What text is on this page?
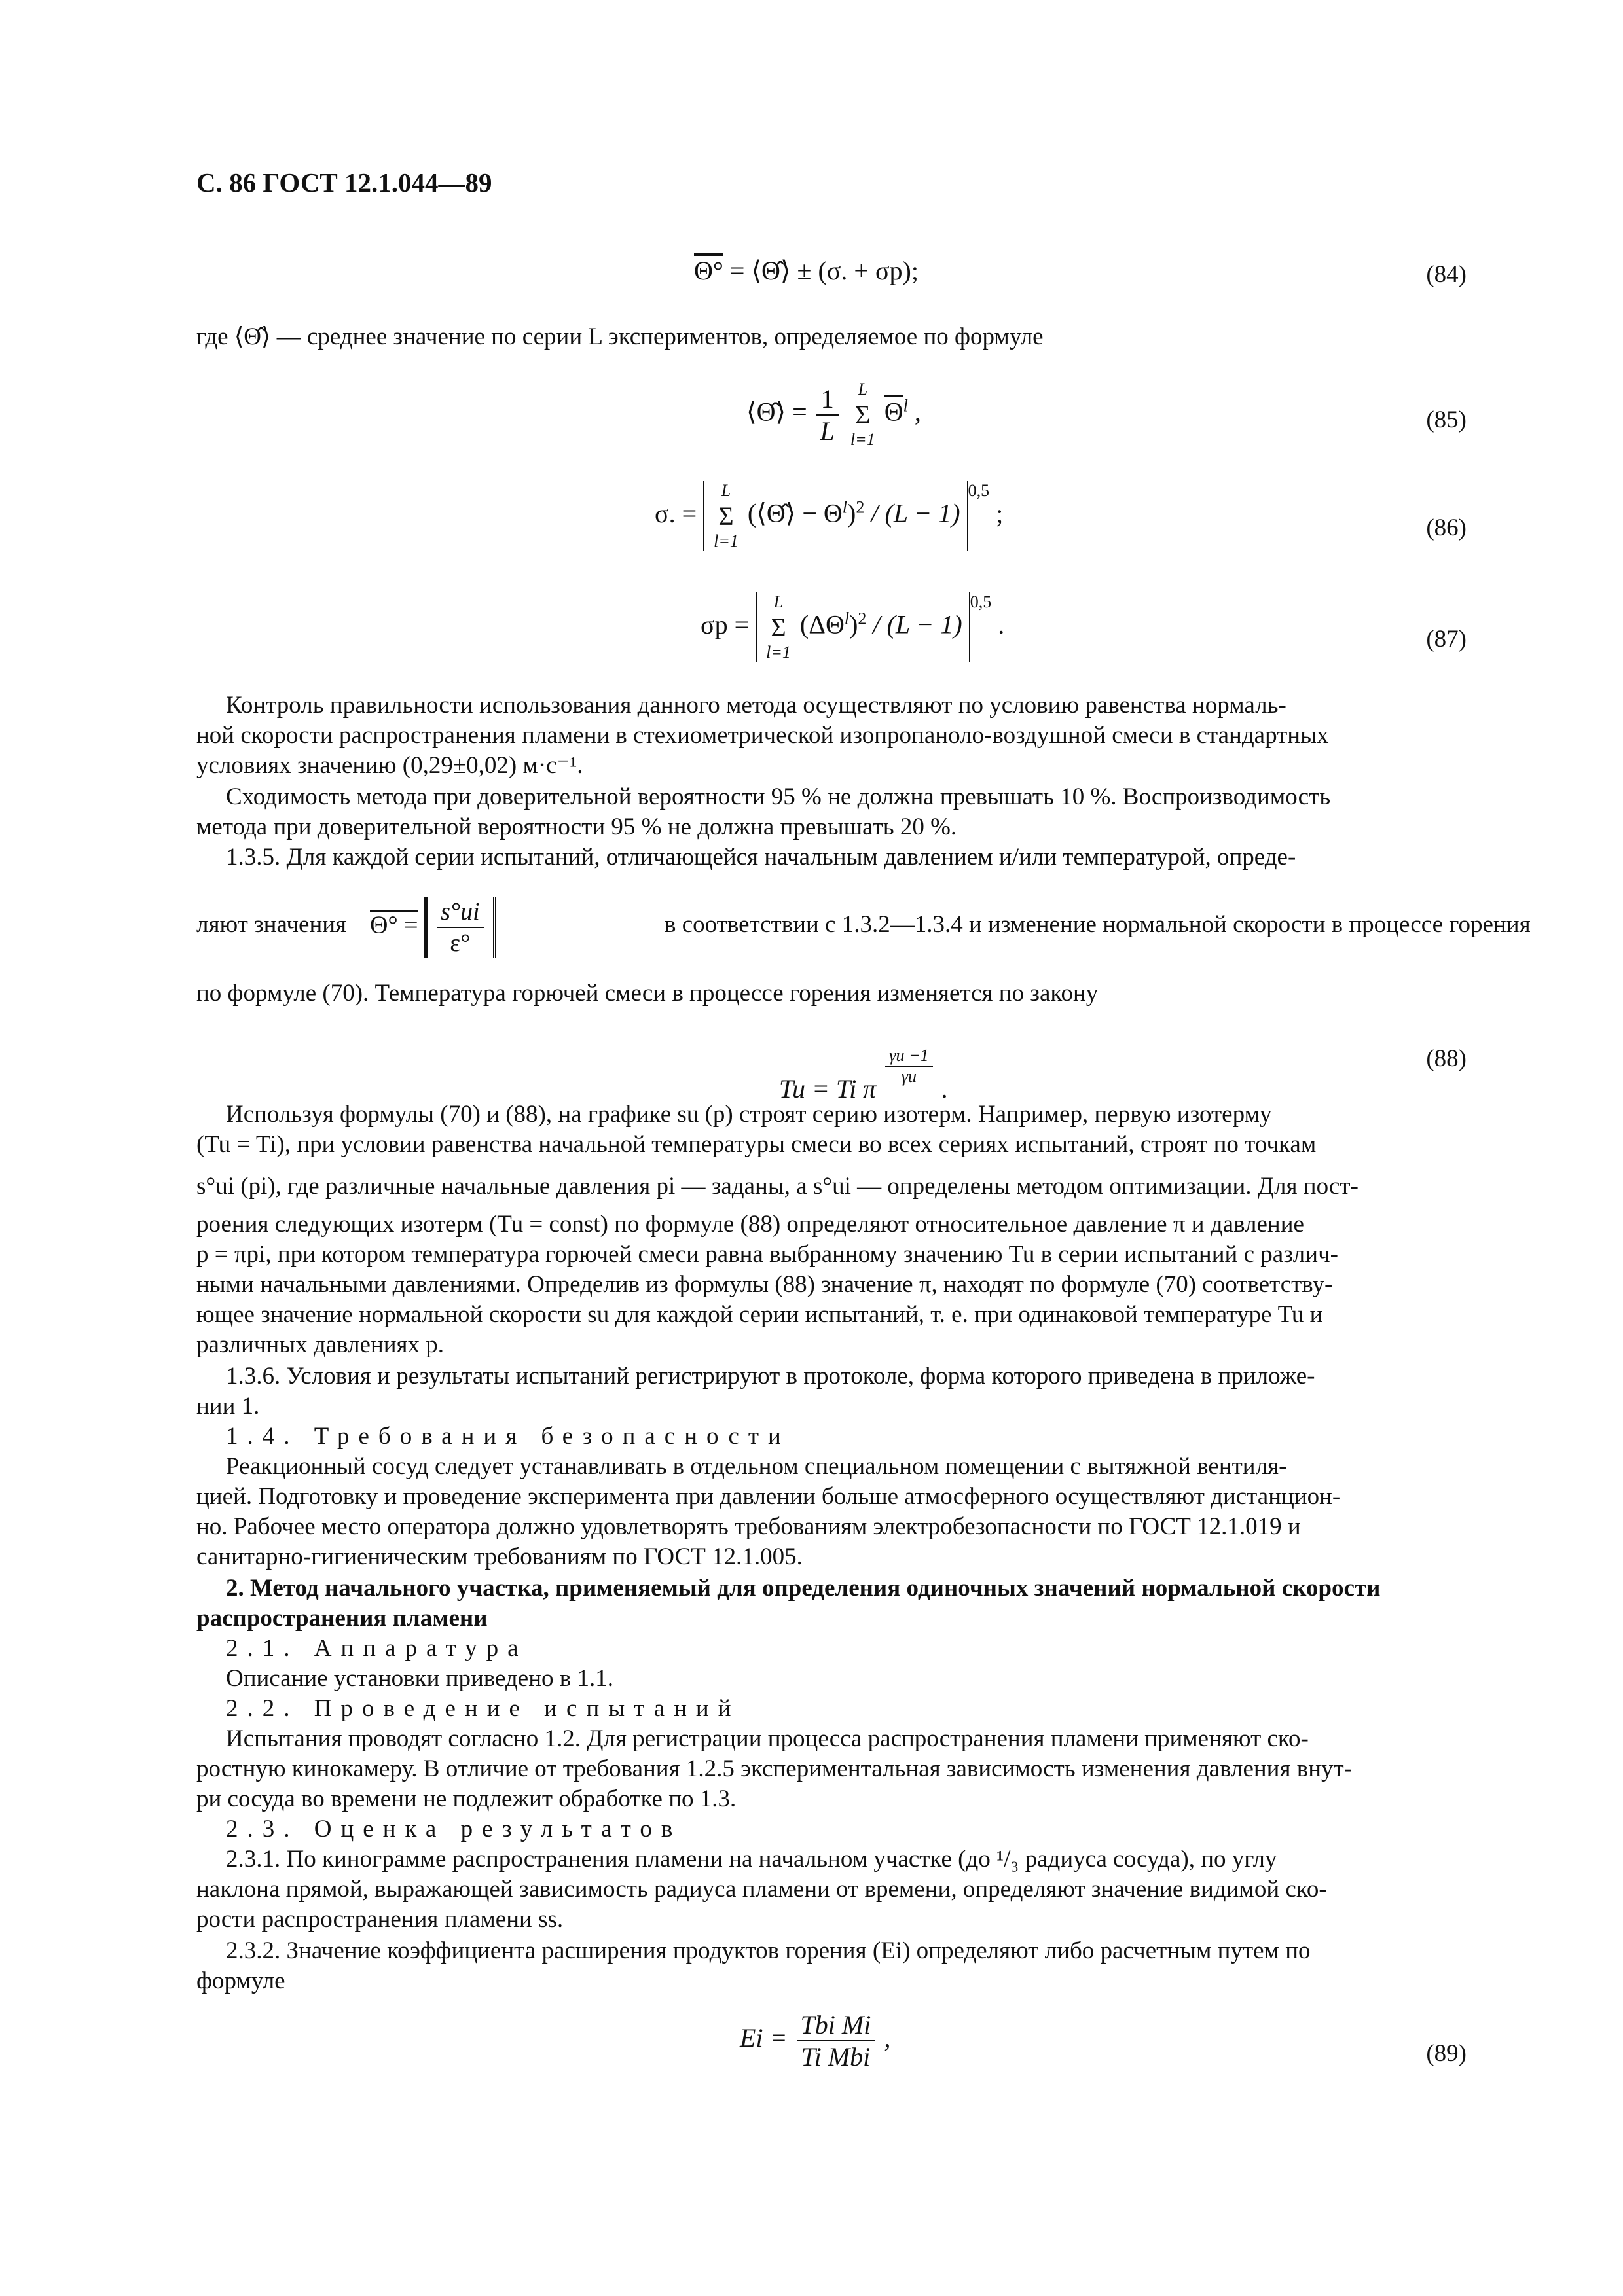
С. 86 ГОСТ 12.1.044—89
Θ° = ⟨Θ̂⟩ ± (σ. + σр);	(84)
где ⟨Θ̂⟩ — среднее значение по серии L экспериментов, определяемое по формуле
⟨Θ̂⟩ = $\frac{1}{L}$
	L
Σ
l=1
$\overline{\Theta}^l$ ,	(85)
σ. =
L
Σ
l=1
(⟨Θ̂⟩ − $\Theta^l)^2 / (L - 1)^{0,5}$ ;	(86)
σр =
L
Σ
l=1
$(\Delta\Theta^l)^2 / (L - 1)^{0,5}$ .	(87)
Контроль правильности использования данного метода осуществляют по условию равенства нормаль-
ной скорости распространения пламени в стехиометрической изопропаноло-воздушной смеси в стандартных
условиях значению (0,29±0,02) м·с⁻¹.
Сходимость метода при доверительной вероятности 95 % не должна превышать 10 %. Воспроизводимость
метода при доверительной вероятности 95 % не должна превышать 20 %.
1.3.5. Для каждой серии испытаний, отличающейся начальным давлением и/или температурой, опреде-
ляют значения $\Theta^\circ = \frac{s^\circ ui}{\varepsilon^\circ}$	в соответствии с 1.3.2—1.3.4 и изменение нормальной скорости в процессе горения
по формуле (70). Температура горючей смеси в процессе горения изменяется по закону
Tu = Ti π
$\frac{\gamma u -1}{\gamma u}$
.
(88)
Используя формулы (70) и (88), на графике su (p) строят серию изотерм. Например, первую изотерму
(Tu = Ti), при условии равенства начальной температуры смеси во всех сериях испытаний, строят по точкам
s°ui (pi), где различные начальные давления pi — заданы, а s°ui — определены методом оптимизации. Для пост-
роения следующих изотерм (Tu = const) по формуле (88) определяют относительное давление π и давление
p = πpi, при котором температура горючей смеси равна выбранному значению Tu в серии испытаний с различ-
ными начальными давлениями. Определив из формулы (88) значение π, находят по формуле (70) соответству-
ющее значение нормальной скорости su для каждой серии испытаний, т. е. при одинаковой температуре Tu и
различных давлениях p.
1.3.6. Условия и результаты испытаний регистрируют в протоколе, форма которого приведена в приложе-
нии 1.
1.4. Требования безопасности
Реакционный сосуд следует устанавливать в отдельном специальном помещении с вытяжной вентиля-
цией. Подготовку и проведение эксперимента при давлении больше атмосферного осуществляют дистанцион-
но. Рабочее место оператора должно удовлетворять требованиям электробезопасности по ГОСТ 12.1.019 и
санитарно-гигиеническим требованиям по ГОСТ 12.1.005.
2. Метод начального участка, применяемый для определения одиночных значений нормальной скорости
распространения пламени
2.1. Аппаратура
Описание установки приведено в 1.1.
2.2. Проведение испытаний
Испытания проводят согласно 1.2. Для регистрации процесса распространения пламени применяют ско-
ростную кинокамеру. В отличие от требования 1.2.5 экспериментальная зависимость изменения давления внут-
ри сосуда во времени не подлежит обработке по 1.3.
2.3. Оценка результатов
2.3.1. По кинограмме распространения пламени на начальном участке (до ¹/₃ радиуса сосуда), по углу
наклона прямой, выражающей зависимость радиуса пламени от времени, определяют значение видимой ско-
рости распространения пламени ss.
2.3.2. Значение коэффициента расширения продуктов горения (Ei) определяют либо расчетным путем по
формуле
$Ei = \frac{\text{Tbi Mi}}{\text{Ti Mbi}}$ ,
(89)
